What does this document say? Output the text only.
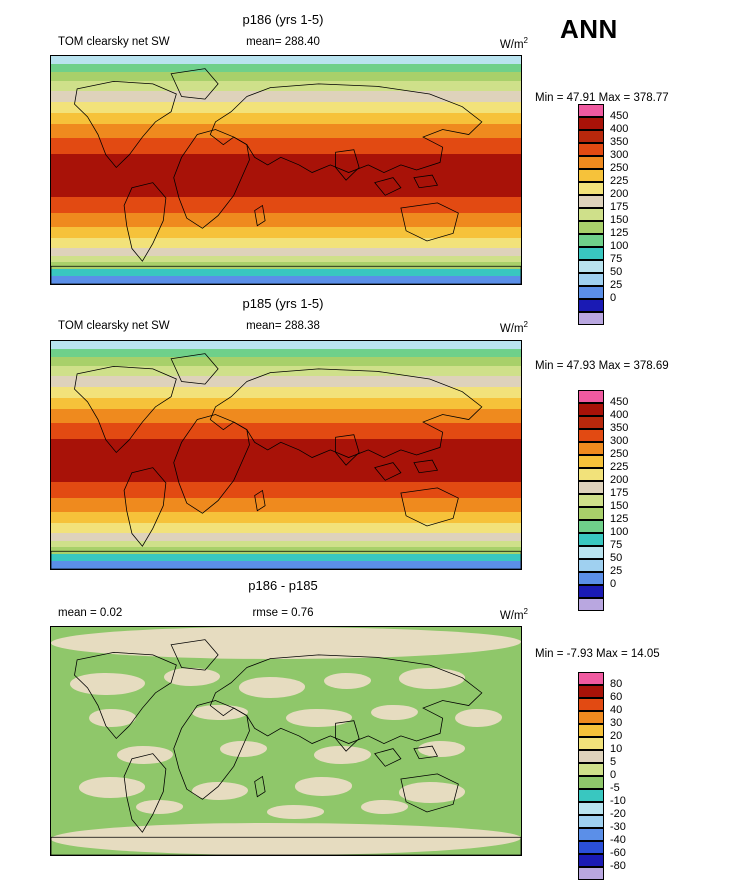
p186 (yrs 1-5)
TOM clearsky net SW	mean= 288.40	$W/m^2$ ANN
Min = 47.91 Max = 378.77
450
400
350
300
250
225
200
175
150
125
100
75
50
25
0
p185 (yrs 1-5)
TOM clearsky net SW	mean= 288.38	$W/m^2$
Min = 47.93 Max = 378.69
450
400
350
300
250
225
200
175
150
125
100
75
50
25
0
p186 - p185
mean = 0.02	rmse = 0.76	$W/m^2$
Min = -7.93 Max = 14.05
80
60
40
30
20
10
5
0
-5
-10
-20
-30
-40
-60
-80
